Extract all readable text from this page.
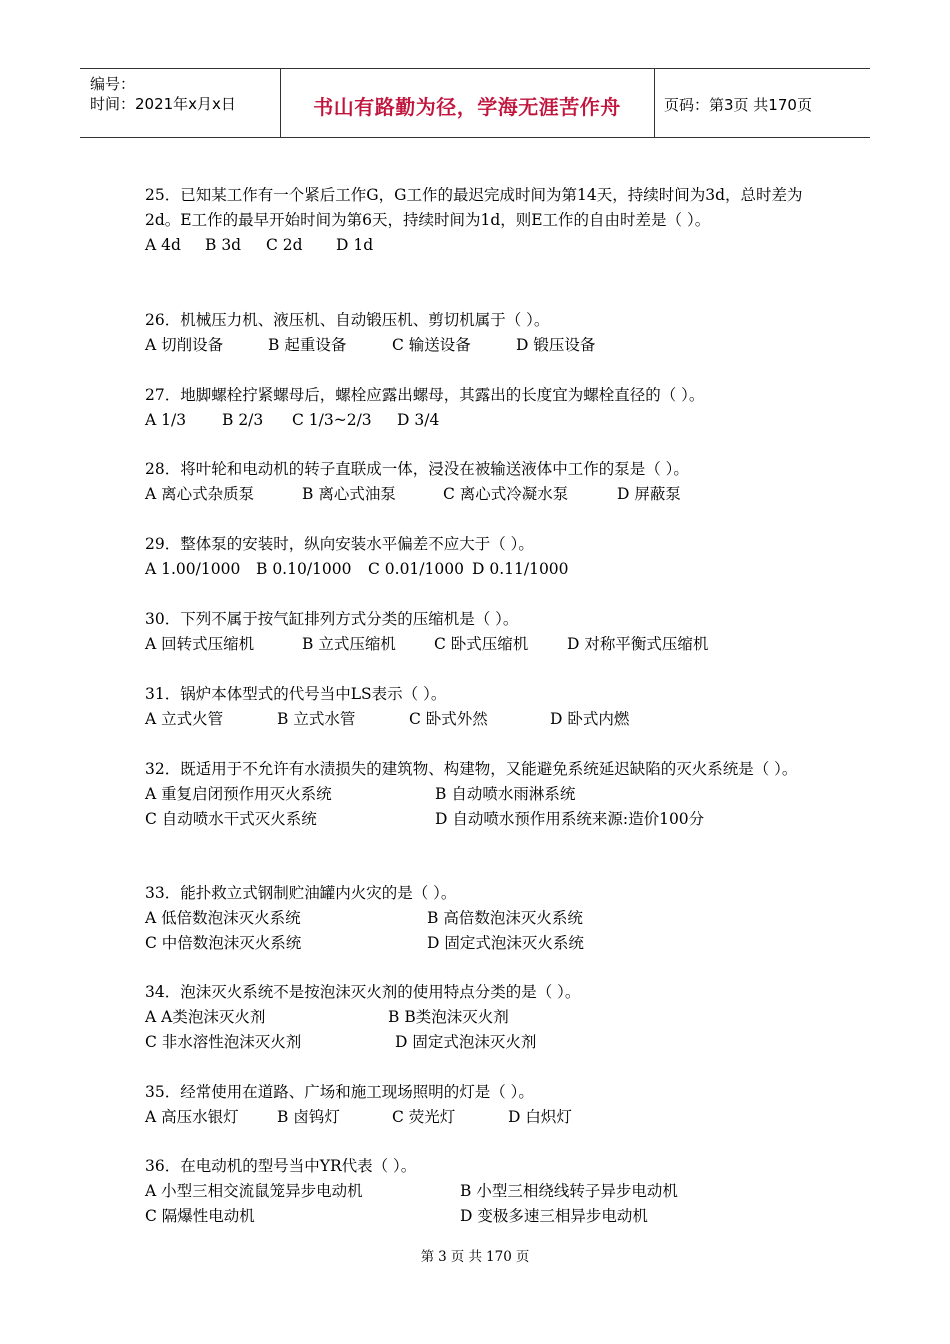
编号：
时间：2021年x月x日	书山有路勤为径，学海无涯苦作舟	页码：第3页 共170页
25．已知某工作有一个紧后工作G，G工作的最迟完成时间为第14天，持续时间为3d，总时差为2d。E工作的最早开始时间为第6天，持续时间为1d，则E工作的自由时差是（ ）。
A 4d B 3d C 2d D 1d
26．机械压力机、液压机、自动锻压机、剪切机属于（ ）。
A 切削设备	B 起重设备	C 输送设备	D 锻压设备
27．地脚螺栓拧紧螺母后，螺栓应露出螺母，其露出的长度宜为螺栓直径的（ ）。
A 1/3 B 2/3 C 1/3~2/3 D 3/4
28．将叶轮和电动机的转子直联成一体，浸没在被输送液体中工作的泵是（ ）。
A 离心式杂质泵	B 离心式油泵	C 离心式冷凝水泵	D 屏蔽泵
29．整体泵的安装时，纵向安装水平偏差不应大于（ ）。
A 1.00/1000 B 0.10/1000 C 0.01/1000 D 0.11/1000
30．下列不属于按气缸排列方式分类的压缩机是（ ）。
A 回转式压缩机	B 立式压缩机 C 卧式压缩机 D 对称平衡式压缩机
31．锅炉本体型式的代号当中LS表示（ ）。
A 立式火管	B 立式水管	C 卧式外然	D 卧式内燃
32．既适用于不允许有水渍损失的建筑物、构建物，又能避免系统延迟缺陷的灭火系统是（ ）。
A 重复启闭预作用灭火系统	B 自动喷水雨淋系统
C 自动喷水干式灭火系统	D 自动喷水预作用系统来源:造价100分
33．能扑救立式钢制贮油罐内火灾的是（ ）。
A 低倍数泡沫灭火系统	B 高倍数泡沫灭火系统
C 中倍数泡沫灭火系统	D 固定式泡沫灭火系统
34．泡沫灭火系统不是按泡沫灭火剂的使用特点分类的是（ ）。
A A类泡沫灭火剂	B B类泡沫灭火剂
C 非水溶性泡沫灭火剂	D 固定式泡沫灭火剂
35．经常使用在道路、广场和施工现场照明的灯是（ ）。
A 高压水银灯 B 卤钨灯	C 荧光灯	D 白炽灯
36．在电动机的型号当中YR代表（ ）。
A 小型三相交流鼠笼异步电动机	B 小型三相绕线转子异步电动机
C 隔爆性电动机	D 变极多速三相异步电动机
第 3 页 共 170 页
